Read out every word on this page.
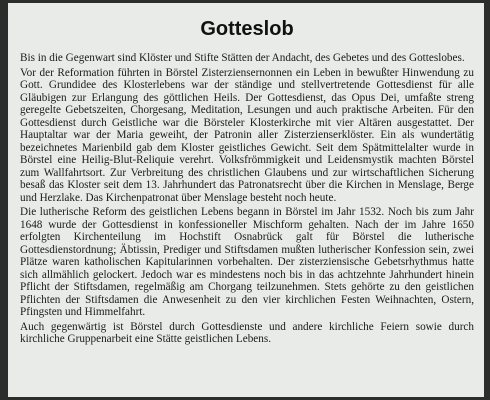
Gotteslob

Bis in die Gegenwart sind Klöster und Stifte Stätten der Andacht, des Gebetes und des Gotteslobes.

Vor der Reformation führten in Börstel Zisterziensernonnen ein Leben in bewußter Hinwendung zu Gott. Grundidee des Klosterlebens war der ständige und stellvertretende Gottesdienst für alle Gläubigen zur Erlangung des göttlichen Heils. Der Gottesdienst, das Opus Dei, umfaßte streng geregelte Gebetszeiten, Chorgesang, Meditation, Lesungen und auch praktische Arbeiten. Für den Gottesdienst durch Geistliche war die Börsteler Klosterkirche mit vier Altären ausgestattet. Der Hauptaltar war der Maria geweiht, der Patronin aller Zisterzienserklöster. Ein als wundertätig bezeichnetes Marienbild gab dem Kloster geistliches Gewicht. Seit dem Spätmittelalter wurde in Börstel eine Heilig-Blut-Reliquie verehrt. Volksfrömmigkeit und Leidensmystik machten Börstel zum Wallfahrtsort. Zur Verbreitung des christlichen Glaubens und zur wirtschaftlichen Sicherung besaß das Kloster seit dem 13. Jahrhundert das Patronatsrecht über die Kirchen in Menslage, Berge und Herzlake. Das Kirchenpatronat über Menslage besteht noch heute.

Die lutherische Reform des geistlichen Lebens begann in Börstel im Jahr 1532. Noch bis zum Jahr 1648 wurde der Gottesdienst in konfessioneller Mischform gehalten. Nach der im Jahre 1650 erfolgten Kirchenteilung im Hochstift Osnabrück galt für Börstel die lutherische Gottesdienstordnung; Äbtissin, Prediger und Stiftsdamen mußten lutherischer Konfession sein, zwei Plätze waren katholischen Kapitularinnen vorbehalten. Der zisterziensische Gebetsrhythmus hatte sich allmählich gelockert. Jedoch war es mindestens noch bis in das achtzehnte Jahrhundert hinein Pflicht der Stiftsdamen, regelmäßig am Chorgang teilzunehmen. Stets gehörte zu den geistlichen Pflichten der Stiftsdamen die Anwesenheit zu den vier kirchlichen Festen Weihnachten, Ostern, Pfingsten und Himmelfahrt.

Auch gegenwärtig ist Börstel durch Gottesdienste und andere kirchliche Feiern sowie durch kirchliche Gruppenarbeit eine Stätte geistlichen Lebens.
